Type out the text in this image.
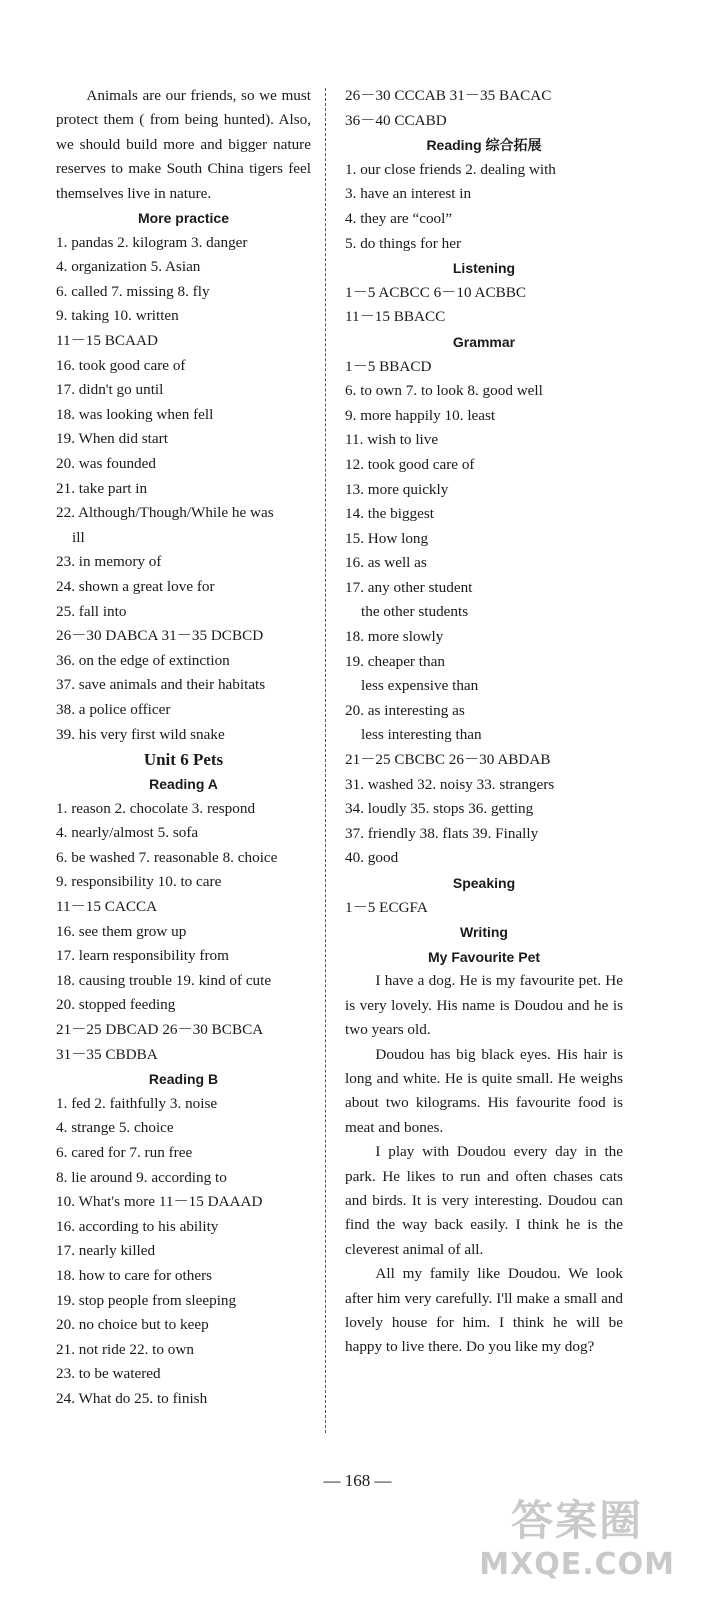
Animals are our friends, so we must protect them ( from being hunted). Also, we should build more and bigger nature reserves to make South China tigers feel themselves live in nature.

More practice
1. pandas 2. kilogram 3. danger
4. organization 5. Asian
6. called 7. missing 8. fly
9. taking 10. written
11－15 BCAAD
16. took good care of
17. didn't go until
18. was looking when fell
19. When did start
20. was founded
21. take part in
22. Although/Though/While he was
ill
23. in memory of
24. shown a great love for
25. fall into
26－30 DABCA 31－35 DCBCD
36. on the edge of extinction
37. save animals and their habitats
38. a police officer
39. his very first wild snake
Unit 6 Pets
Reading A
1. reason 2. chocolate 3. respond
4. nearly/almost 5. sofa
6. be washed 7. reasonable 8. choice
9. responsibility 10. to care
11－15 CACCA
16. see them grow up
17. learn responsibility from
18. causing trouble 19. kind of cute
20. stopped feeding
21－25 DBCAD 26－30 BCBCA
31－35 CBDBA
Reading B
1. fed 2. faithfully 3. noise
4. strange 5. choice
6. cared for 7. run free
8. lie around 9. according to
10. What's more 11－15 DAAAD
16. according to his ability
17. nearly killed
18. how to care for others
19. stop people from sleeping
20. no choice but to keep
21. not ride 22. to own
23. to be watered
24. What do 25. to finish
26－30 CCCAB 31－35 BACAC
36－40 CCABD
Reading 综合拓展
1. our close friends 2. dealing with
3. have an interest in
4. they are “cool”
5. do things for her
Listening
1－5 ACBCC 6－10 ACBBC
11－15 BBACC
Grammar
1－5 BBACD
6. to own 7. to look 8. good well
9. more happily 10. least
11. wish to live
12. took good care of
13. more quickly
14. the biggest
15. How long
16. as well as
17. any other student
the other students
18. more slowly
19. cheaper than
less expensive than
20. as interesting as
less interesting than
21－25 CBCBC 26－30 ABDAB
31. washed 32. noisy 33. strangers
34. loudly 35. stops 36. getting
37. friendly 38. flats 39. Finally
40. good
Speaking
1－5 ECGFA
Writing
My Favourite Pet

I have a dog. He is my favourite pet. He is very lovely. His name is Doudou and he is two years old.

Doudou has big black eyes. His hair is long and white. He is quite small. He weighs about two kilograms. His favourite food is meat and bones.

I play with Doudou every day in the park. He likes to run and often chases cats and birds. It is very interesting. Doudou can find the way back easily. I think he is the cleverest animal of all.

All my family like Doudou. We look after him very carefully. I'll make a small and lovely house for him. I think he will be happy to live there. Do you like my dog?

— 168 —
答案圈
MXQE.COM
